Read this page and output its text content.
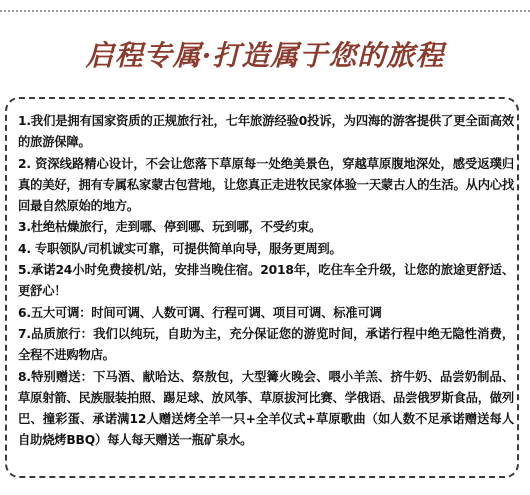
启程专属·打造属于您的旅程
1.我们是拥有国家资质的正规旅行社，七年旅游经验0投诉，为四海的游客提供了更全面高效的旅游保障。
2. 资深线路精心设计，不会让您落下草原每一处绝美景色，穿越草原腹地深处，感受返璞归真的美好，拥有专属私家蒙古包营地，让您真正走进牧民家体验一天蒙古人的生活。从内心找回最自然原始的地方。
3.杜绝枯燥旅行，走到哪、停到哪、玩到哪，不受约束。
4. 专职领队/司机诚实可靠，可提供简单向导，服务更周到。
5.承诺24小时免费接机/站，安排当晚住宿。2018年，吃住车全升级，让您的旅途更舒适、更舒心！
6.五大可调：时间可调、人数可调、行程可调、项目可调、标准可调
7.品质旅行：我们以纯玩，自助为主，充分保证您的游览时间，承诺行程中绝无隐性消费，全程不进购物店。
8.特别赠送：下马酒、献哈达、祭敖包，大型篝火晚会、喂小羊羔、挤牛奶、品尝奶制品、草原射箭、民族服装拍照、踢足球、放风筝、草原拔河比赛、学俄语、品尝俄罗斯食品，做列巴、撞彩蛋、承诺满12人赠送烤全羊一只+全羊仪式+草原歌曲（如人数不足承诺赠送每人自助烧烤BBQ）每人每天赠送一瓶矿泉水。
